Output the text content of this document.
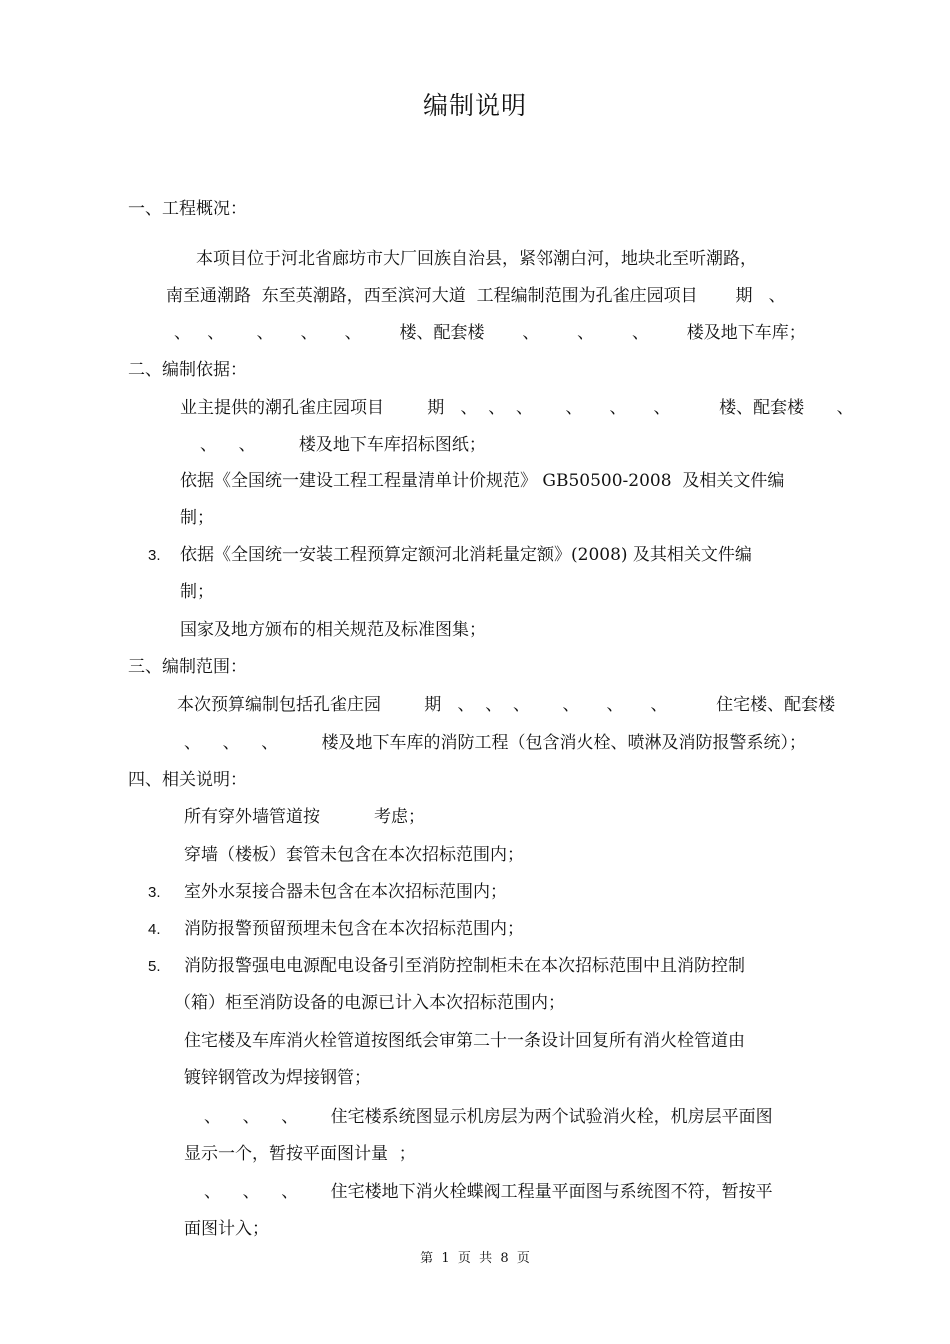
编制说明
一、工程概况：
本项目位于河北省廊坊市大厂回族自治县，紧邻潮白河，地块北至听潮路，
南至通潮路  东至英潮路，西至滨河大道  工程编制范围为孔雀庄园项目       期   、
、   、      、     、     、       楼、配套楼       、       、       、       楼及地下车库；
二、编制依据：
业主提供的潮孔雀庄园项目        期   、  、  、      、     、     、         楼、配套楼      、
、    、        楼及地下车库招标图纸；
依据《全国统一建设工程工程量清单计价规范》 GB50500-2008  及相关文件编
制；
3. 依据《全国统一安装工程预算定额河北消耗量定额》(2008) 及其相关文件编
制；
国家及地方颁布的相关规范及标准图集；
三、编制范围：
本次预算编制包括孔雀庄园        期   、  、  、      、     、     、         住宅楼、配套楼
、    、    、        楼及地下车库的消防工程（包含消火栓、喷淋及消防报警系统）；
四、相关说明：
所有穿外墙管道按          考虑；
穿墙（楼板）套管未包含在本次招标范围内；
3. 室外水泵接合器未包含在本次招标范围内；
4. 消防报警预留预埋未包含在本次招标范围内；
5. 消防报警强电电源配电设备引至消防控制柜未在本次招标范围中且消防控制
（箱）柜至消防设备的电源已计入本次招标范围内；
住宅楼及车库消火栓管道按图纸会审第二十一条设计回复所有消火栓管道由
镀锌钢管改为焊接钢管；
、    、    、      住宅楼系统图显示机房层为两个试验消火栓，机房层平面图
显示一个，暂按平面图计量  ；
、    、    、      住宅楼地下消火栓蝶阀工程量平面图与系统图不符，暂按平
面图计入；
第  1  页  共  8  页
